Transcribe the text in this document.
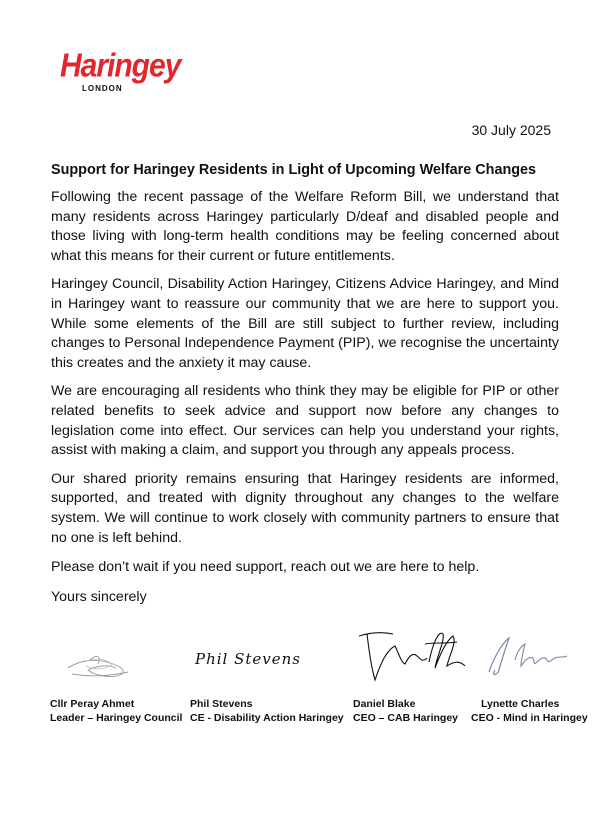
Haringey
LONDON
30 July 2025

Support for Haringey Residents in Light of Upcoming Welfare Changes

Following the recent passage of the Welfare Reform Bill, we understand that many residents across Haringey particularly D/deaf and disabled people and those living with long-term health conditions may be feeling concerned about what this means for their current or future entitlements.

Haringey Council, Disability Action Haringey, Citizens Advice Haringey, and Mind in Haringey want to reassure our community that we are here to support you. While some elements of the Bill are still subject to further review, including changes to Personal Independence Payment (PIP), we recognise the uncertainty this creates and the anxiety it may cause.

We are encouraging all residents who think they may be eligible for PIP or other related benefits to seek advice and support now before any changes to legislation come into effect. Our services can help you understand your rights, assist with making a claim, and support you through any appeals process.

Our shared priority remains ensuring that Haringey residents are informed, supported, and treated with dignity throughout any changes to the welfare system. We will continue to work closely with community partners to ensure that no one is left behind.

Please don’t wait if you need support, reach out we are here to help.

Yours sincerely

Cllr Peray Ahmet
Leader – Haringey Council
Phil Stevens
Phil Stevens
CE - Disability Action Haringey
Daniel Blake
CEO – CAB Haringey
Lynette Charles
CEO - Mind in Haringey
